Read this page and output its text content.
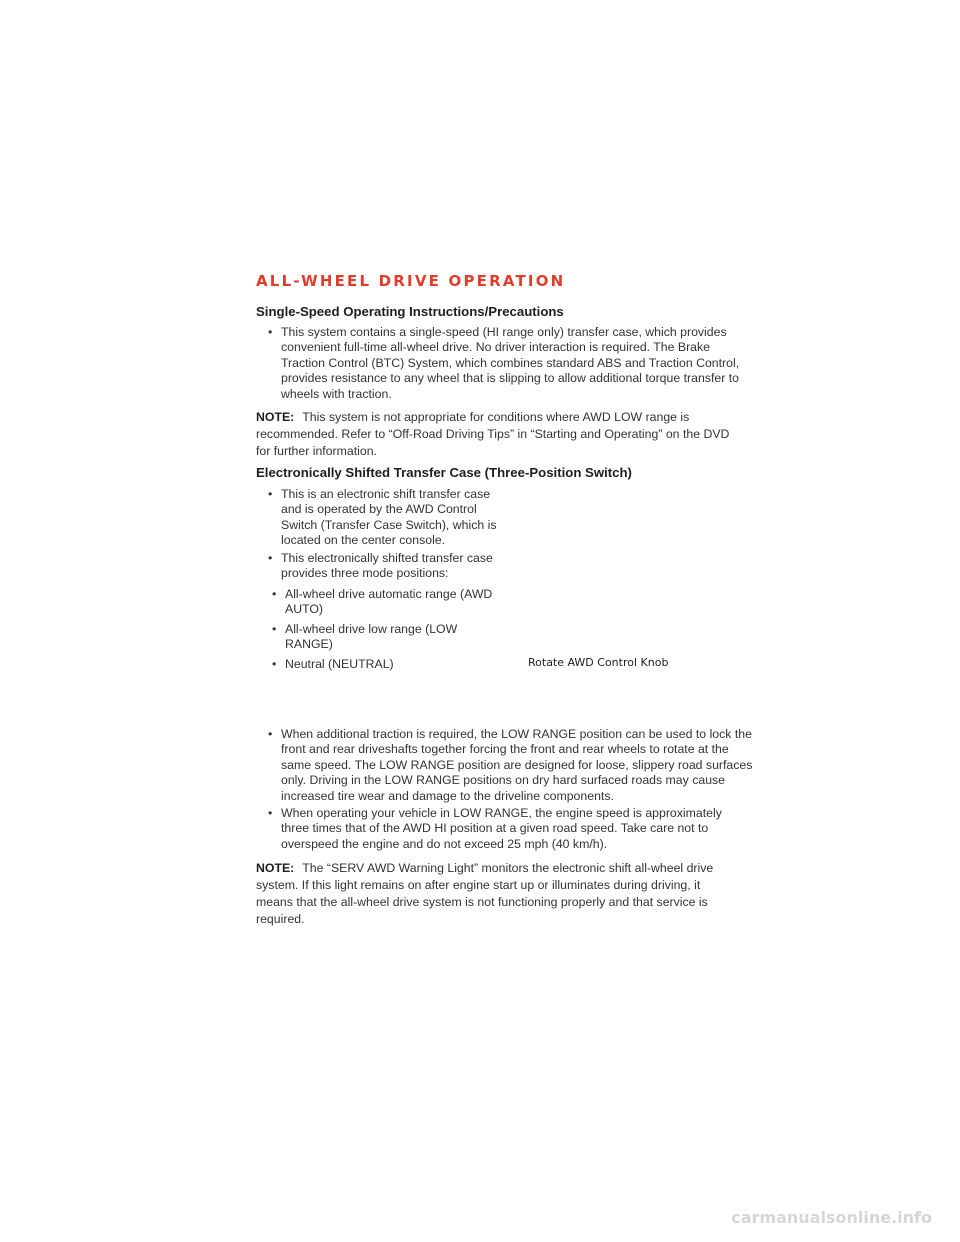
ALL-WHEEL DRIVE OPERATION
Single-Speed Operating Instructions/Precautions

• This system contains a single-speed (HI range only) transfer case, which provides convenient full-time all-wheel drive. No driver interaction is required. The Brake Traction Control (BTC) System, which combines standard ABS and Traction Control, provides resistance to any wheel that is slipping to allow additional torque transfer to wheels with traction.

NOTE: This system is not appropriate for conditions where AWD LOW range is recommended. Refer to “Off-Road Driving Tips” in “Starting and Operating” on the DVD for further information.

Electronically Shifted Transfer Case (Three-Position Switch)

• This is an electronic shift transfer case and is operated by the AWD Control Switch (Transfer Case Switch), which is located on the center console.

• This electronically shifted transfer case provides three mode positions:

• All-wheel drive automatic range (AWD AUTO)

• All-wheel drive low range (LOW RANGE)

• Neutral (NEUTRAL)	Rotate AWD Control Knob

• When additional traction is required, the LOW RANGE position can be used to lock the front and rear driveshafts together forcing the front and rear wheels to rotate at the same speed. The LOW RANGE position are designed for loose, slippery road surfaces only. Driving in the LOW RANGE positions on dry hard surfaced roads may cause increased tire wear and damage to the driveline components.

• When operating your vehicle in LOW RANGE, the engine speed is approximately three times that of the AWD HI position at a given road speed. Take care not to overspeed the engine and do not exceed 25 mph (40 km/h).

NOTE: The “SERV AWD Warning Light” monitors the electronic shift all-wheel drive system. If this light remains on after engine start up or illuminates during driving, it means that the all-wheel drive system is not functioning properly and that service is required.

carmanualsonline.info
